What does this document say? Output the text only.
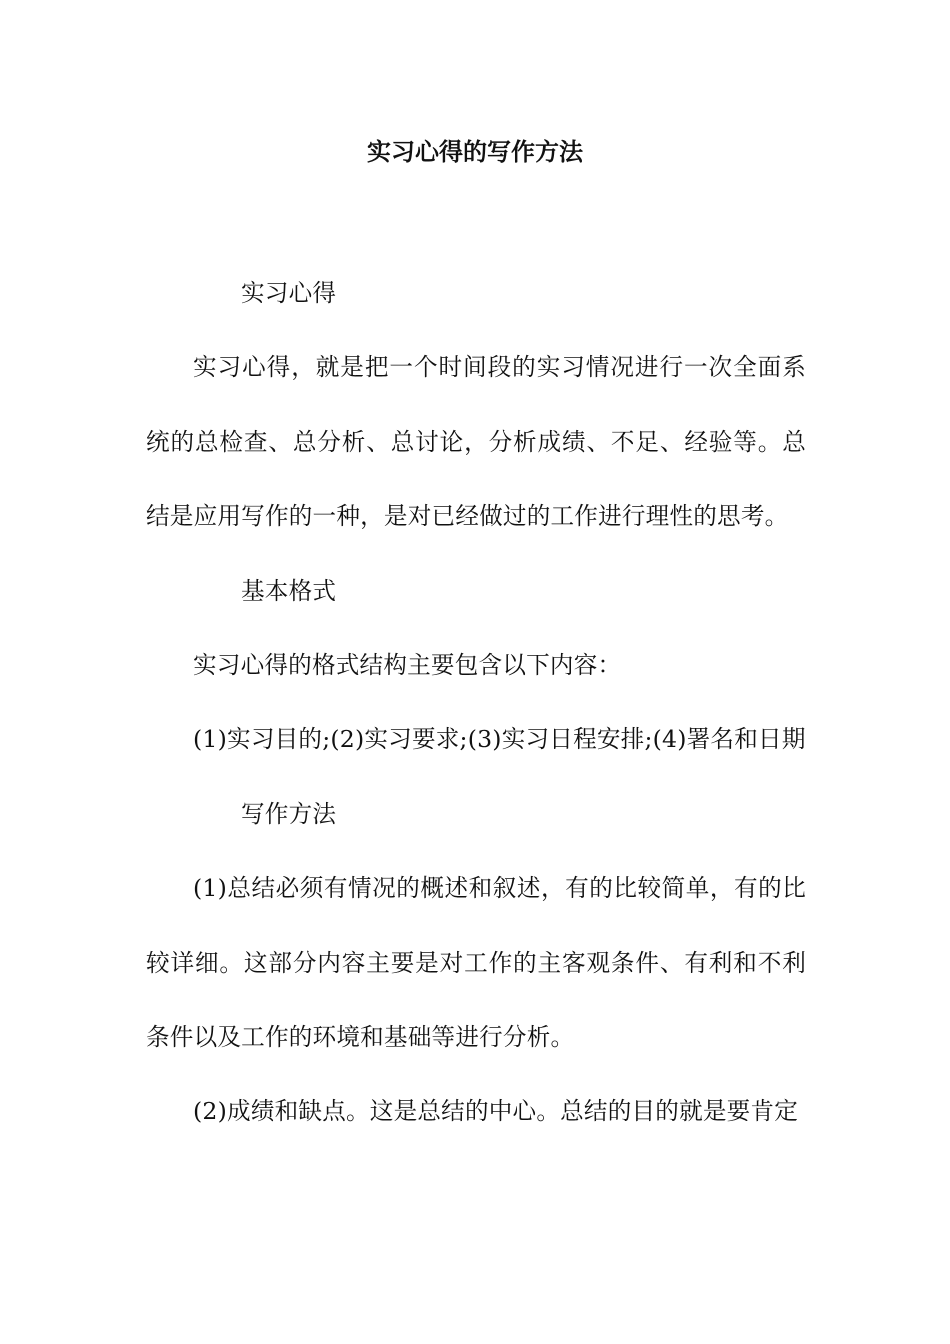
实习心得的写作方法

实习心得

实习心得，就是把一个时间段的实习情况进行一次全面系统的总检查、总分析、总讨论，分析成绩、不足、经验等。总结是应用写作的一种，是对已经做过的工作进行理性的思考。

基本格式

实习心得的格式结构主要包含以下内容：

(1)实习目的;(2)实习要求;(3)实习日程安排;(4)署名和日期

写作方法

(1)总结必须有情况的概述和叙述，有的比较简单，有的比较详细。这部分内容主要是对工作的主客观条件、有利和不利条件以及工作的环境和基础等进行分析。

(2)成绩和缺点。这是总结的中心。总结的目的就是要肯定
